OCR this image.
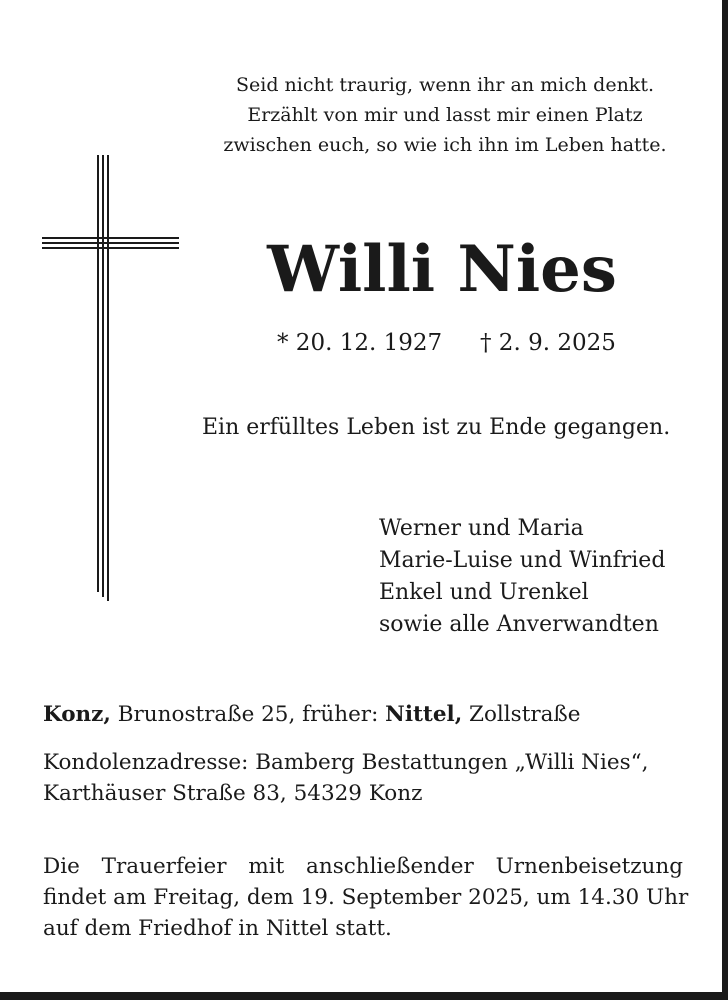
Seid nicht traurig, wenn ihr an mich denkt.
Erzählt von mir und lasst mir einen Platz
zwischen euch, so wie ich ihn im Leben hatte.
Willi Nies
* 20. 12. 1927 † 2. 9. 2025
Ein erfülltes Leben ist zu Ende gegangen.
Werner und Maria
Marie-Luise und Winfried
Enkel und Urenkel
sowie alle Anverwandten
Konz, Brunostraße 25, früher: Nittel, Zollstraße
Kondolenzadresse: Bamberg Bestattungen „Willi Nies“,
Karthäuser Straße 83, 54329 Konz
Die Trauerfeier mit anschließender Urnenbeisetzung
findet am Freitag, dem 19. September 2025, um 14.30 Uhr
auf dem Friedhof in Nittel statt.
